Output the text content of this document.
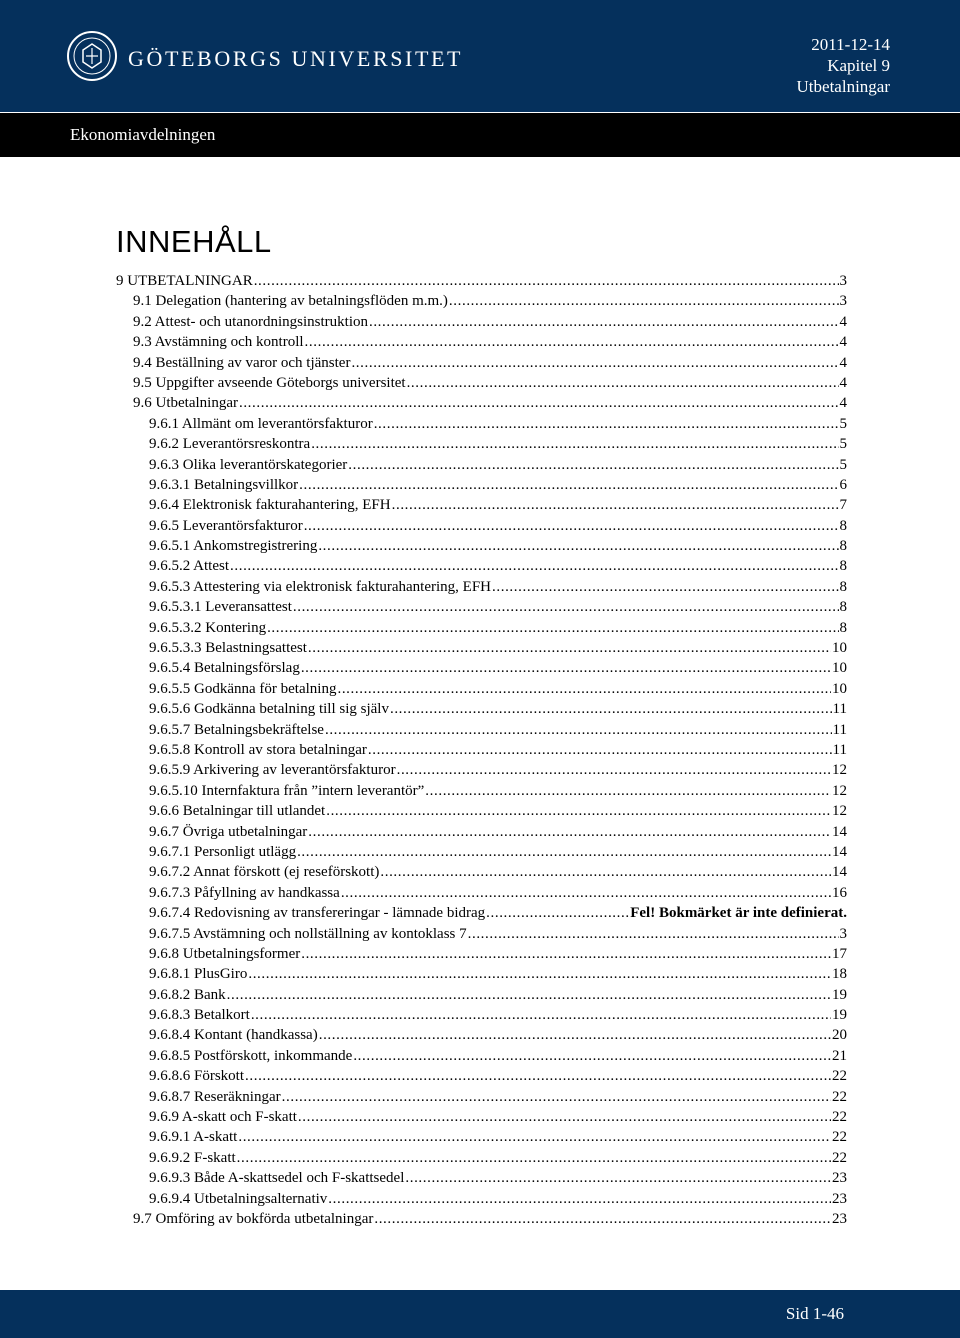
GÖTEBORGS UNIVERSITET
2011-12-14
Kapitel 9
Utbetalningar
Ekonomiavdelningen
INNEHÅLL
9 UTBETALNINGAR .....	3
9.1 Delegation (hantering av betalningsflöden m.m.) .....	3
9.2 Attest- och utanordningsinstruktion .....	4
9.3 Avstämning och kontroll .....	4
9.4 Beställning av varor och tjänster .....	4
9.5 Uppgifter avseende Göteborgs universitet .....	4
9.6 Utbetalningar .....	4
9.6.1 Allmänt om leverantörsfakturor .....	5
9.6.2 Leverantörsreskontra .....	5
9.6.3 Olika leverantörskategorier .....	5
9.6.3.1 Betalningsvillkor .....	6
9.6.4 Elektronisk fakturahantering, EFH .....	7
9.6.5 Leverantörsfakturor .....	8
9.6.5.1 Ankomstregistrering .....	8
9.6.5.2 Attest .....	8
9.6.5.3 Attestering via elektronisk fakturahantering, EFH .....	8
9.6.5.3.1 Leveransattest .....	8
9.6.5.3.2 Kontering .....	8
9.6.5.3.3 Belastningsattest .....	10
9.6.5.4 Betalningsförslag .....	10
9.6.5.5 Godkänna för betalning .....	10
9.6.5.6 Godkänna betalning till sig själv .....	11
9.6.5.7 Betalningsbekräftelse .....	11
9.6.5.8 Kontroll av stora betalningar .....	11
9.6.5.9 Arkivering av leverantörsfakturor .....	12
9.6.5.10 Internfaktura från ”intern leverantör” .....	12
9.6.6 Betalningar till utlandet .....	12
9.6.7 Övriga utbetalningar .....	14
9.6.7.1 Personligt utlägg .....	14
9.6.7.2 Annat förskott (ej reseförskott) .....	14
9.6.7.3 Påfyllning av handkassa .....	16
9.6.7.4 Redovisning av transfereringar - lämnade bidrag .....	Fel! Bokmärket är inte definierat.
9.6.7.5 Avstämning och nollställning av kontoklass 7 .....	3
9.6.8 Utbetalningsformer .....	17
9.6.8.1 PlusGiro .....	18
9.6.8.2 Bank .....	19
9.6.8.3 Betalkort .....	19
9.6.8.4 Kontant (handkassa) .....	20
9.6.8.5 Postförskott, inkommande .....	21
9.6.8.6 Förskott .....	22
9.6.8.7 Reseräkningar .....	22
9.6.9 A-skatt och F-skatt .....	22
9.6.9.1 A-skatt .....	22
9.6.9.2 F-skatt .....	22
9.6.9.3 Både A-skattsedel och F-skattsedel .....	23
9.6.9.4 Utbetalningsalternativ .....	23
9.7 Omföring av bokförda utbetalningar .....	23
Sid 1-46
